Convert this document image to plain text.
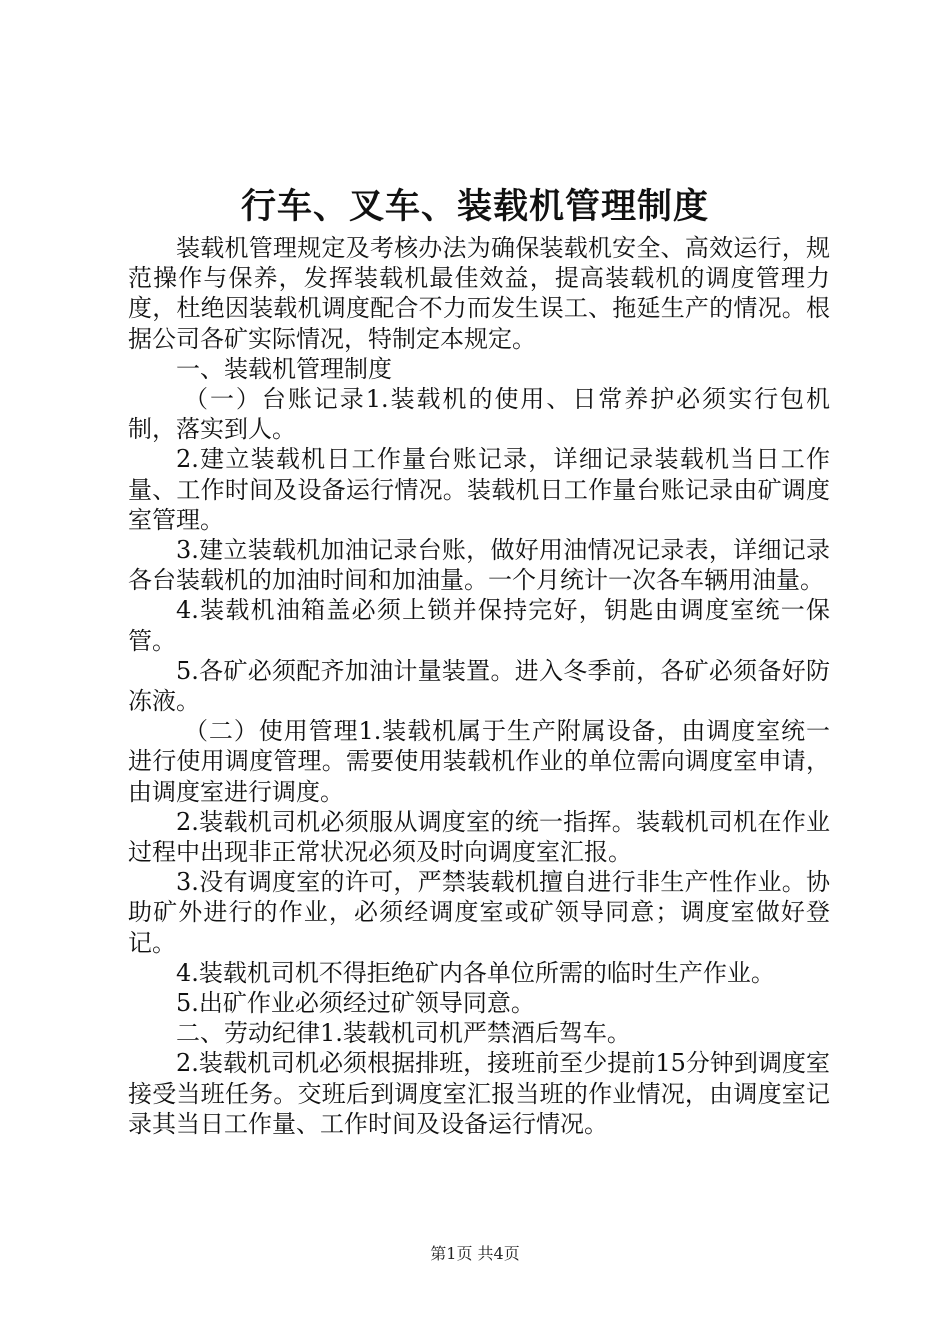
行车、叉车、装载机管理制度

装载机管理规定及考核办法为确保装载机安全、高效运行，规范操作与保养，发挥装载机最佳效益，提高装载机的调度管理力度，杜绝因装载机调度配合不力而发生误工、拖延生产的情况。根据公司各矿实际情况，特制定本规定。

一、装载机管理制度

（一）台账记录1.装载机的使用、日常养护必须实行包机制，落实到人。

2.建立装载机日工作量台账记录，详细记录装载机当日工作量、工作时间及设备运行情况。装载机日工作量台账记录由矿调度室管理。

3.建立装载机加油记录台账，做好用油情况记录表，详细记录各台装载机的加油时间和加油量。一个月统计一次各车辆用油量。

4.装载机油箱盖必须上锁并保持完好，钥匙由调度室统一保管。

5.各矿必须配齐加油计量装置。进入冬季前，各矿必须备好防冻液。

（二）使用管理1.装载机属于生产附属设备，由调度室统一进行使用调度管理。需要使用装载机作业的单位需向调度室申请，由调度室进行调度。

2.装载机司机必须服从调度室的统一指挥。装载机司机在作业过程中出现非正常状况必须及时向调度室汇报。

3.没有调度室的许可，严禁装载机擅自进行非生产性作业。协助矿外进行的作业，必须经调度室或矿领导同意；调度室做好登记。

4.装载机司机不得拒绝矿内各单位所需的临时生产作业。

5.出矿作业必须经过矿领导同意。

二、劳动纪律1.装载机司机严禁酒后驾车。

2.装载机司机必须根据排班，接班前至少提前15分钟到调度室接受当班任务。交班后到调度室汇报当班的作业情况，由调度室记录其当日工作量、工作时间及设备运行情况。

第1页 共4页
